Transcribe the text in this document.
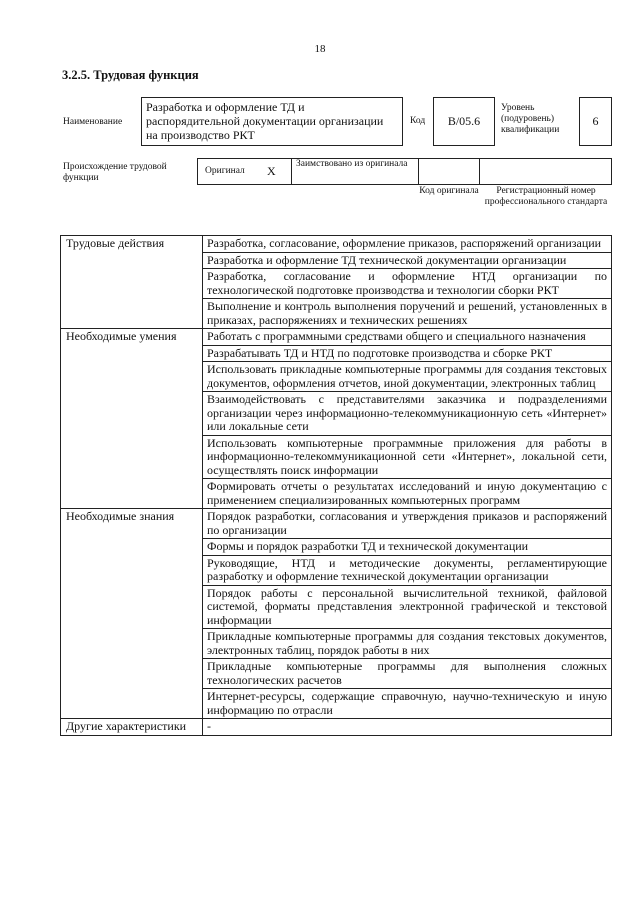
18
3.2.5. Трудовая функция
Наименование
Разработка и оформление ТД и распорядительной документации организации на производство РКТ
Код	В/05.6
Уровень (подуровень) квалификации
6
Происхождение трудовой функции
Оригинал X Заимствовано из оригинала
Код оригинала	Регистрационный номер профессионального стандарта
Трудовые действия	Разработка, согласование, оформление приказов, распоряжений организации
	Разработка и оформление ТД технической документации организации
	Разработка, согласование и оформление НТД организации по технологической подготовке производства и технологии сборки РКТ
	Выполнение и контроль выполнения поручений и решений, установленных в приказах, распоряжениях и технических решениях
Необходимые умения	Работать с программными средствами общего и специального назначения
	Разрабатывать ТД и НТД по подготовке производства и сборке РКТ
	Использовать прикладные компьютерные программы для создания текстовых документов, оформления отчетов, иной документации, электронных таблиц
	Взаимодействовать с представителями заказчика и подразделениями организации через информационно-телекоммуникационную сеть «Интернет» или локальные сети
	Использовать компьютерные программные приложения для работы в информационно-телекоммуникационной сети «Интернет», локальной сети, осуществлять поиск информации
	Формировать отчеты о результатах исследований и иную документацию с применением специализированных компьютерных программ
Необходимые знания	Порядок разработки, согласования и утверждения приказов и распоряжений по организации
	Формы и порядок разработки ТД и технической документации
	Руководящие, НТД и методические документы, регламентирующие разработку и оформление технической документации организации
	Порядок работы с персональной вычислительной техникой, файловой системой, форматы представления электронной графической и текстовой информации
	Прикладные компьютерные программы для создания текстовых документов, электронных таблиц, порядок работы в них
	Прикладные компьютерные программы для выполнения сложных технологических расчетов
	Интернет-ресурсы, содержащие справочную, научно-техническую и иную информацию по отрасли
Другие характеристики	-
